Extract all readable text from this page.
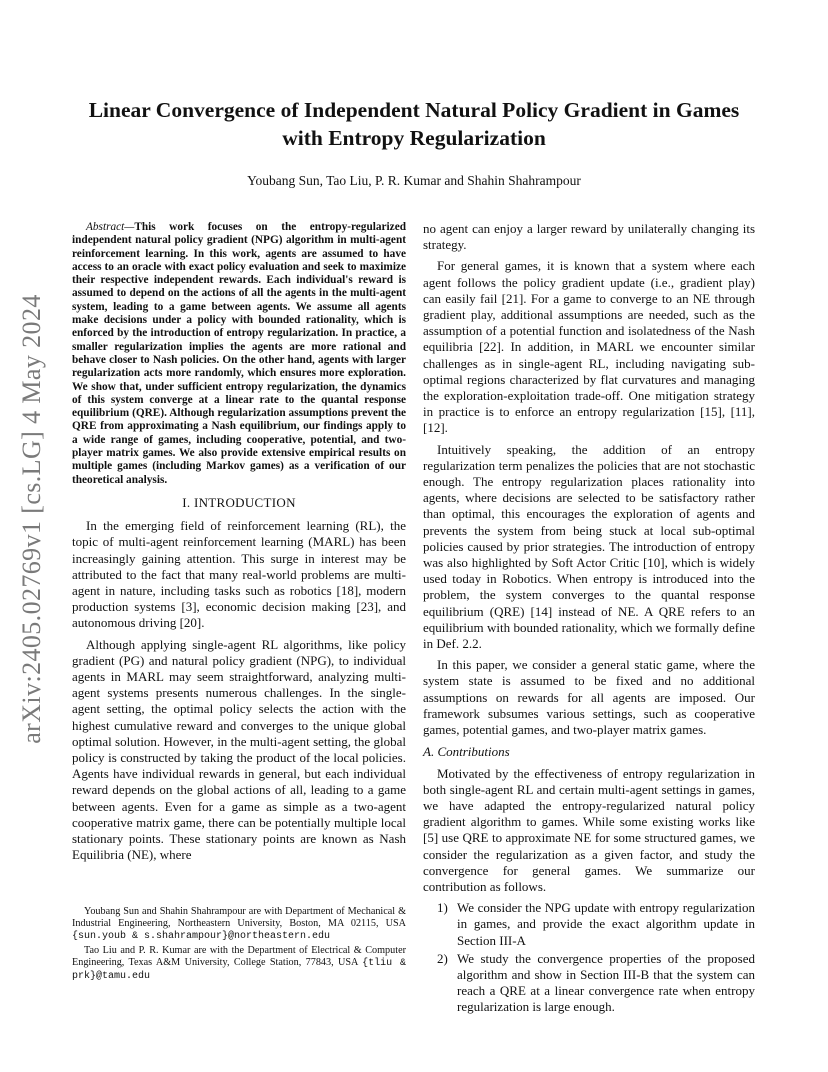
arXiv:2405.02769v1 [cs.LG] 4 May 2024
Linear Convergence of Independent Natural Policy Gradient in Games with Entropy Regularization
Youbang Sun, Tao Liu, P. R. Kumar and Shahin Shahrampour

Abstract—This work focuses on the entropy-regularized independent natural policy gradient (NPG) algorithm in multi-agent reinforcement learning. In this work, agents are assumed to have access to an oracle with exact policy evaluation and seek to maximize their respective independent rewards. Each individual's reward is assumed to depend on the actions of all the agents in the multi-agent system, leading to a game between agents. We assume all agents make decisions under a policy with bounded rationality, which is enforced by the introduction of entropy regularization. In practice, a smaller regularization implies the agents are more rational and behave closer to Nash policies. On the other hand, agents with larger regularization acts more randomly, which ensures more exploration. We show that, under sufficient entropy regularization, the dynamics of this system converge at a linear rate to the quantal response equilibrium (QRE). Although regularization assumptions prevent the QRE from approximating a Nash equilibrium, our findings apply to a wide range of games, including cooperative, potential, and two-player matrix games. We also provide extensive empirical results on multiple games (including Markov games) as a verification of our theoretical analysis.

I. INTRODUCTION

In the emerging field of reinforcement learning (RL), the topic of multi-agent reinforcement learning (MARL) has been increasingly gaining attention. This surge in interest may be attributed to the fact that many real-world problems are multi-agent in nature, including tasks such as robotics [18], modern production systems [3], economic decision making [23], and autonomous driving [20].

Although applying single-agent RL algorithms, like policy gradient (PG) and natural policy gradient (NPG), to individual agents in MARL may seem straightforward, analyzing multi-agent systems presents numerous challenges. In the single-agent setting, the optimal policy selects the action with the highest cumulative reward and converges to the unique global optimal solution. However, in the multi-agent setting, the global policy is constructed by taking the product of the local policies. Agents have individual rewards in general, but each individual reward depends on the global actions of all, leading to a game between agents. Even for a game as simple as a two-agent cooperative matrix game, there can be potentially multiple local stationary points. These stationary points are known as Nash Equilibria (NE), where

Youbang Sun and Shahin Shahrampour are with Department of Mechanical & Industrial Engineering, Northeastern University, Boston, MA 02115, USA {sun.youb & s.shahrampour}@northeastern.edu

Tao Liu and P. R. Kumar are with the Department of Electrical & Computer Engineering, Texas A&M University, College Station, 77843, USA {tliu & prk}@tamu.edu

no agent can enjoy a larger reward by unilaterally changing its strategy.

For general games, it is known that a system where each agent follows the policy gradient update (i.e., gradient play) can easily fail [21]. For a game to converge to an NE through gradient play, additional assumptions are needed, such as the assumption of a potential function and isolatedness of the Nash equilibria [22]. In addition, in MARL we encounter similar challenges as in single-agent RL, including navigating sub-optimal regions characterized by flat curvatures and managing the exploration-exploitation trade-off. One mitigation strategy in practice is to enforce an entropy regularization [15], [11], [12].

Intuitively speaking, the addition of an entropy regularization term penalizes the policies that are not stochastic enough. The entropy regularization places rationality into agents, where decisions are selected to be satisfactory rather than optimal, this encourages the exploration of agents and prevents the system from being stuck at local sub-optimal policies caused by prior strategies. The introduction of entropy was also highlighted by Soft Actor Critic [10], which is widely used today in Robotics. When entropy is introduced into the problem, the system converges to the quantal response equilibrium (QRE) [14] instead of NE. A QRE refers to an equilibrium with bounded rationality, which we formally define in Def. 2.2.

In this paper, we consider a general static game, where the system state is assumed to be fixed and no additional assumptions on rewards for all agents are imposed. Our framework subsumes various settings, such as cooperative games, potential games, and two-player matrix games.

A. Contributions

Motivated by the effectiveness of entropy regularization in both single-agent RL and certain multi-agent settings in games, we have adapted the entropy-regularized natural policy gradient algorithm to games. While some existing works like [5] use QRE to approximate NE for some structured games, we consider the regularization as a given factor, and study the convergence for general games. We summarize our contribution as follows.

1) We consider the NPG update with entropy regularization in games, and provide the exact algorithm update in Section III-A
2) We study the convergence properties of the proposed algorithm and show in Section III-B that the system can reach a QRE at a linear convergence rate when entropy regularization is large enough.
